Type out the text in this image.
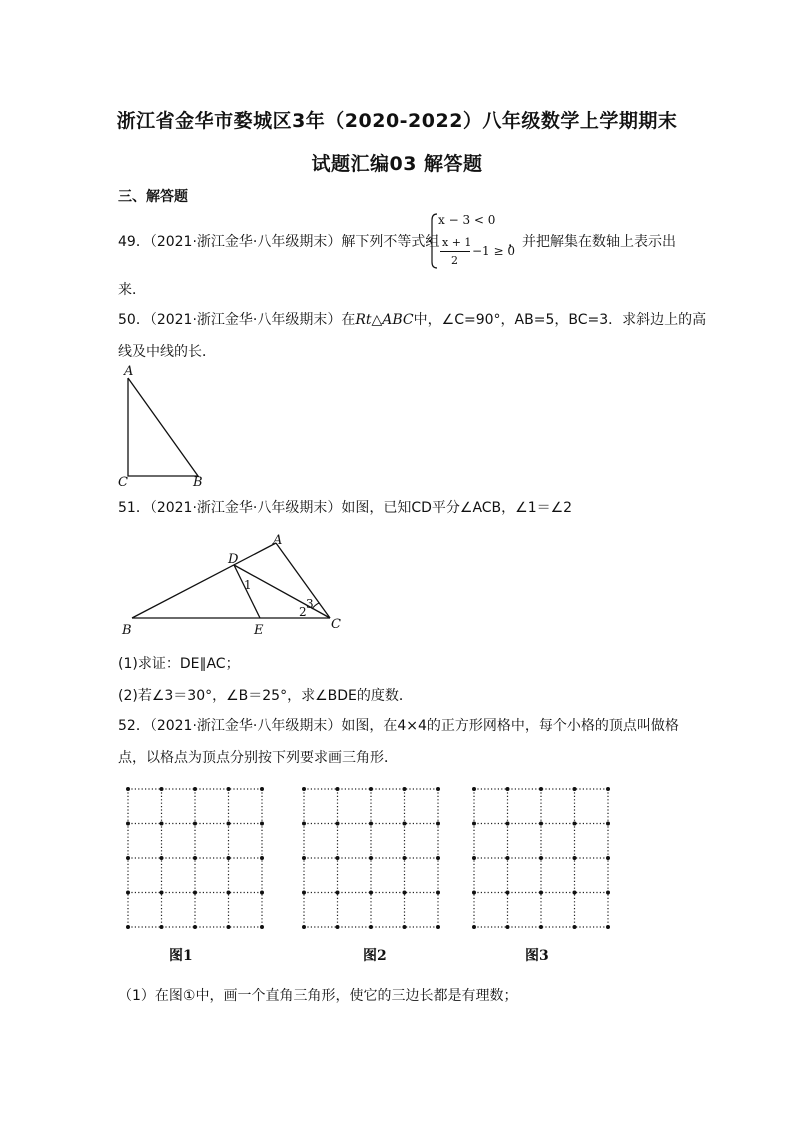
浙江省金华市婺城区3年（2020-2022）八年级数学上学期期末
试题汇编03 解答题
三、解答题
49．（2021·浙江金华·八年级期末）解下列不等式组
x − 3 < 0
x + 1
2
−1 ≥ 0
，并把解集在数轴上表示出
来．
50．（2021·浙江金华·八年级期末）在Rt△ABC中，∠C=90°，AB=5，BC=3．求斜边上的高
线及中线的长．
A
C	B
51．（2021·浙江金华·八年级期末）如图，已知CD平分∠ACB，∠1＝∠2
A
D
B	E	C
1
2
3
(1)求证：DE∥AC；
(2)若∠3＝30°，∠B＝25°，求∠BDE的度数．
52．（2021·浙江金华·八年级期末）如图，在4×4的正方形网格中，每个小格的顶点叫做格
点，以格点为顶点分别按下列要求画三角形．
图1	图2	图3
（1）在图①中，画一个直角三角形，使它的三边长都是有理数；
